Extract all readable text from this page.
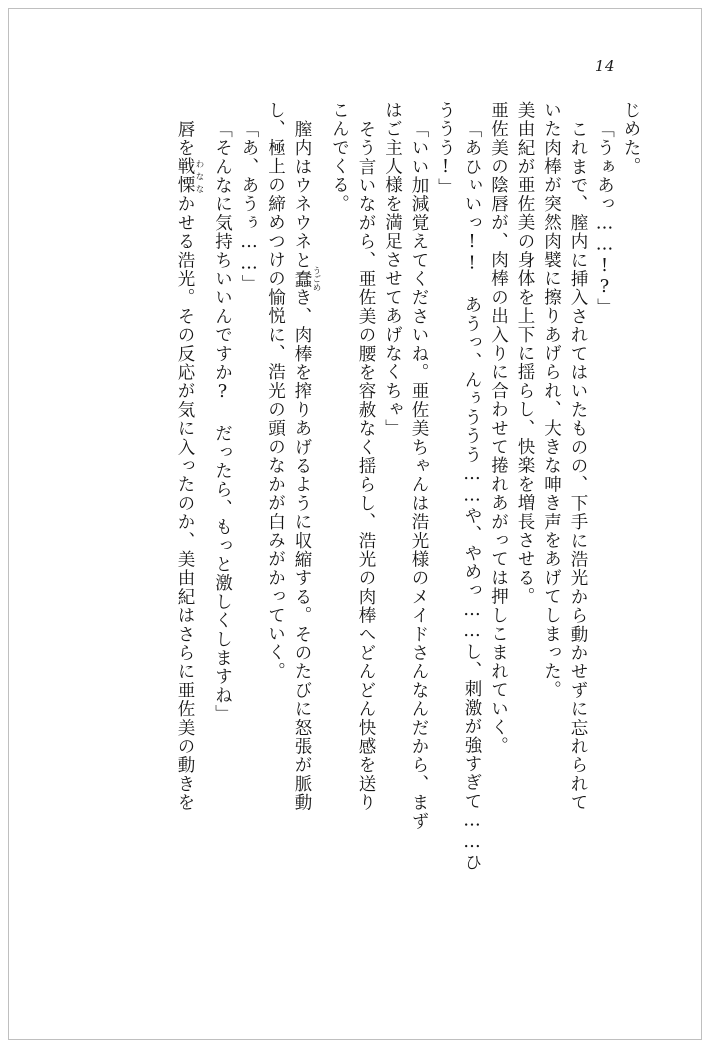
14
じめた。
「うぁあっ……!?」
これまで、膣内に挿入されてはいたものの、下手に浩光から動かせずに忘れられて
いた肉棒が突然肉襞に擦りあげられ、大きな呻き声をあげてしまった。
美由紀が亜佐美の身体を上下に揺らし、快楽を増長させる。
亜佐美の陰唇が、肉棒の出入りに合わせて捲れあがっては押しこまれていく。
「あひぃいっ!! あうっ、んぅううう……や、やめっ……し、刺激が強すぎて……ひ
ううう!」
「いい加減覚えてくださいね。亜佐美ちゃんは浩光様のメイドさんなんだから、まず
はご主人様を満足させてあげなくちゃ」
そう言いながら、亜佐美の腰を容赦なく揺らし、浩光の肉棒へどんどん快感を送り
こんでくる。
膣内はウネウネと蠢 うごめき、肉棒を搾りあげるように収縮する。そのたびに怒張が脈動
し、極上の締めつけの愉悦に、浩光の頭のなかが白みがかっていく。
「あ、あうぅ……」
「そんなに気持ちいいんですか? だったら、もっと激しくしますね」
唇を戦慄 わななかせる浩光。その反応が気に入ったのか、美由紀はさらに亜佐美の動きを
